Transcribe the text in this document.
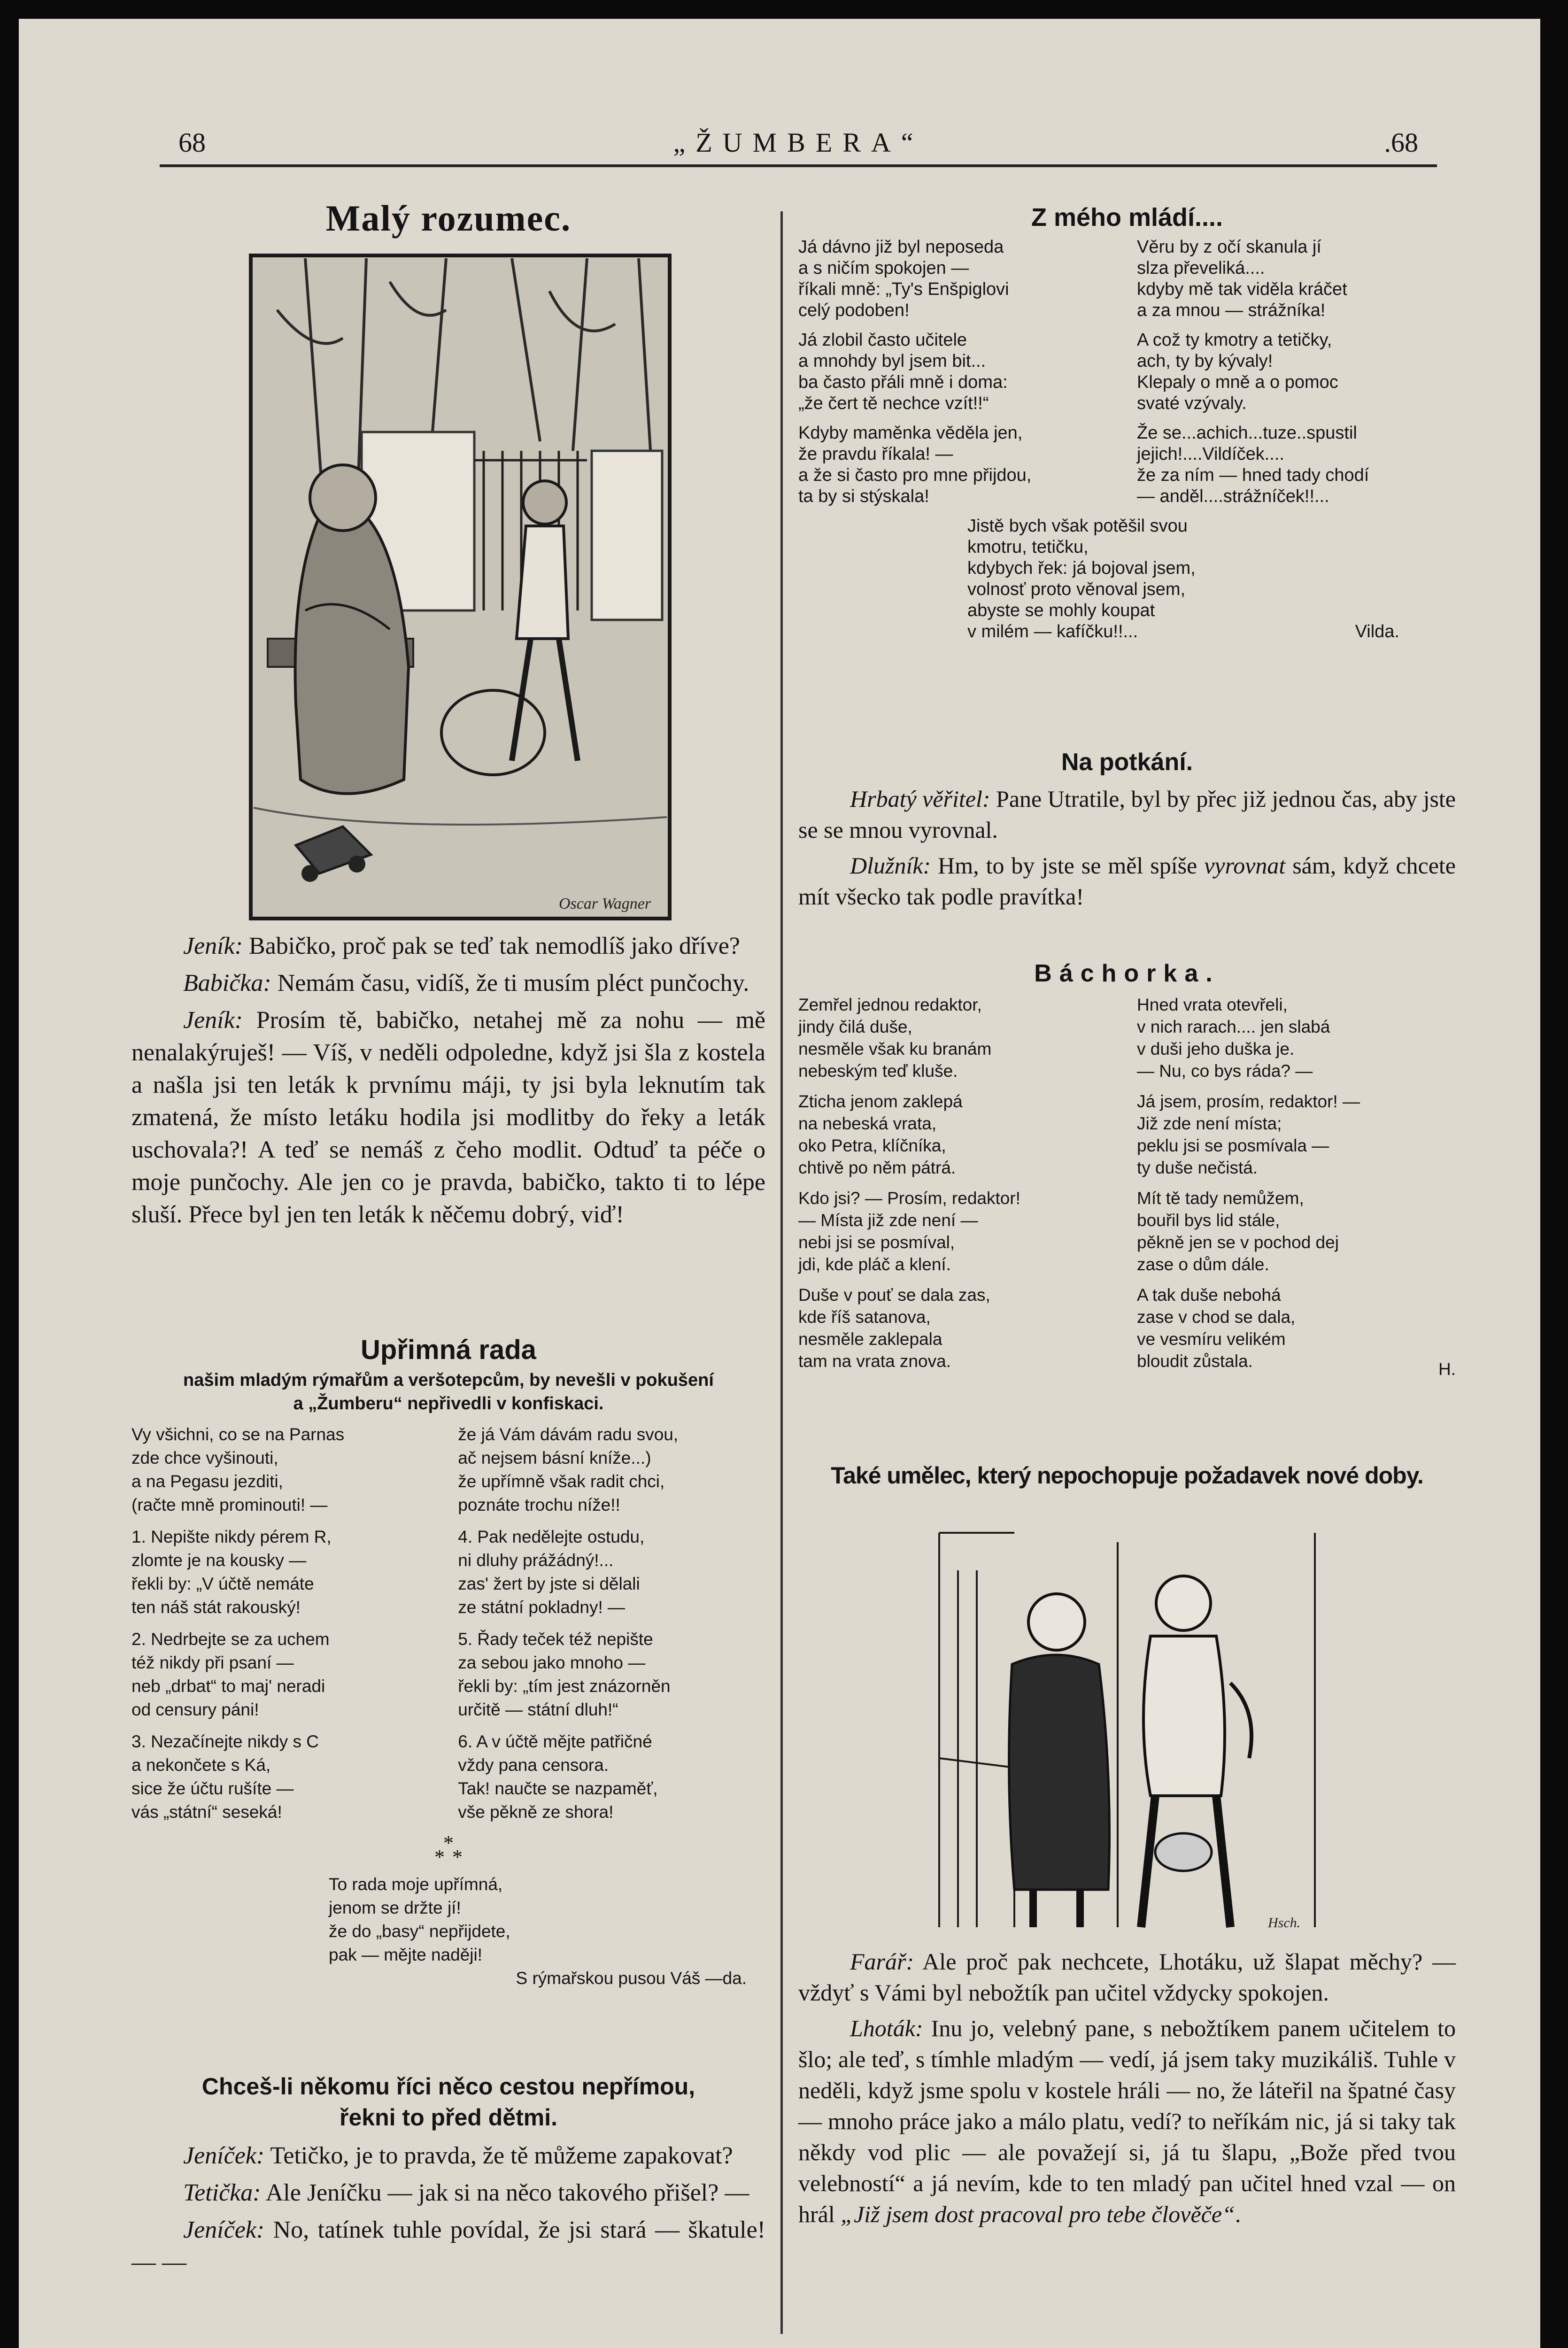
68	„ŽUMBERA“	.68
Malý rozumec.
Oscar Wagner

Jeník: Babičko, proč pak se teď tak nemodlíš jako dříve?

Babička: Nemám času, vidíš, že ti musím pléct punčochy.

Jeník: Prosím tě, babičko, netahej mě za nohu — mě nenalakýruješ! — Víš, v neděli odpoledne, když jsi šla z kostela a našla jsi ten leták k prvnímu máji, ty jsi byla leknutím tak zmatená, že místo letáku hodila jsi modlitby do řeky a leták uschovala?! A teď se nemáš z čeho modlit. Odtuď ta péče o moje punčochy. Ale jen co je pravda, babičko, takto ti to lépe sluší. Přece byl jen ten leták k něčemu dobrý, viď!

Upřimná rada
našim mladým rýmařům a veršotepcům, by nevešli v pokušení
a „Žumberu“ nepřivedli v konfiskaci.
Vy všichni, co se na Parnas
zde chce vyšinouti,
a na Pegasu jezditi,
(račte mně prominouti! —
1. Nepište nikdy pérem R,
zlomte je na kousky —
řekli by: „V účtě nemáte
ten náš stát rakouský!
2. Nedrbejte se za uchem
též nikdy při psaní —
neb „drbat“ to maj' neradi
od censury páni!
3. Nezačínejte nikdy s C
a nekončete s Ká,
sice že účtu rušíte —
vás „státní“ seseká!
že já Vám dávám radu svou,
ač nejsem básní knížе...)
že upřímně však radit chci,
poznáte trochu níže!!
4. Pak nedělejte ostudu,
ni dluhy prážádný!...
zas' žert by jste si dělali
ze státní pokladny! —
5. Řady teček též nepište
za sebou jako mnoho —
řekli by: „tím jest znázorněn
určitě — státní dluh!“
6. A v účtě mějte patřičné
vždy pana censora.
Tak! naučte se nazpaměť,
vše pěkně ze shora!
*
* *
To rada moje upřímná,
jenom se držte jí!
že do „basy“ nepřijdete,
pak — mějte naději!
S rýmařskou pusou Váš —da.
Chceš-li někomu říci něco cestou nepřímou,
řekni to před dětmi.

Jeníček: Tetičko, je to pravda, že tě můžeme zapakovat?

Tetička: Ale Jeníčku — jak si na něco takového přišel? —

Jeníček: No, tatínek tuhle povídal, že jsi stará — škatule! — —

Z mého mládí....
Já dávno již byl neposeda
a s ničím spokojen —
říkali mně: „Ty's Enšpiglovi
celý podoben!
Já zlobil často učitele
a mnohdy byl jsem bit...
ba často přáli mně i doma:
„že čert tě nechce vzít!!“
Kdyby maměnka věděla jen,
že pravdu říkala! —
a že si často pro mne přijdou,
ta by si stýskala!
Věru by z očí skanula jí
slza převeliká....
kdyby mě tak viděla kráčet
a za mnou — strážníka!
A což ty kmotry a tetičky,
ach, ty by kývaly!
Klepaly o mně a o pomoc
svaté vzývaly.
Že se...achich...tuze..spustil
jejich!....Vildíček....
že za ním — hned tady chodí
— anděl....strážníček!!...
Jistě bych však potěšil svou
kmotru, tetičku,
kdybych řek: já bojoval jsem,
volnosť proto věnoval jsem,
abyste se mohly koupat
v milém — kafíčku!!...	Vilda.
Na potkání.

Hrbatý věřitel: Pane Utratile, byl by přec již jednou čas, aby jste se se mnou vyrovnal.

Dlužník: Hm, to by jste se měl spíše vyrovnat sám, když chcete mít všecko tak podle pravítka!

Báchorka.
Zemřel jednou redaktor,
jindy čilá duše,
nesměle však ku branám
nebeským teď kluše.
Zticha jenom zaklepá
na nebeská vrata,
oko Petra, klíčníka,
chtivě po něm pátrá.
Kdo jsi? — Prosím, redaktor!
— Místa již zde není —
nebi jsi se posmíval,
jdi, kde pláč a klení.
Duše v pouť se dala zas,
kde říš satanova,
nesměle zaklepala
tam na vrata znova.
Hned vrata otevřeli,
v nich rarach.... jen slabá
v duši jeho duška je.
— Nu, co bys ráda? —
Já jsem, prosím, redaktor! —
Již zde není místa;
peklu jsi se posmívala —
ty duše nečistá.
Mít tě tady nemůžem,
bouřil bys lid stále,
pěkně jen se v pochod dej
zase o dům dále.
A tak duše nebohá
zase v chod se dala,
ve vesmíru velikém
bloudit zůstala.	H.
Také umělec, který nepochopuje požadavek nové doby.
Hsch.

Farář: Ale proč pak nechcete, Lhotáku, už šlapat měchy? — vždyť s Vámi byl nebožtík pan učitel vždycky spokojen.

Lhoták: Inu jo, velebný pane, s nebožtíkem panem učitelem to šlo; ale teď, s tímhle mladým — vedí, já jsem taky muzikáliš. Tuhle v neděli, když jsme spolu v kostele hráli — no, že láteřil na špatné časy — mnoho práce jako a málo platu, vedí? to neříkám nic, já si taky tak někdy vod plic — ale považejí si, já tu šlapu, „Bože před tvou velebností“ a já nevím, kde to ten mladý pan učitel hned vzal — on hrál „Již jsem dost pracoval pro tebe člověče“.
